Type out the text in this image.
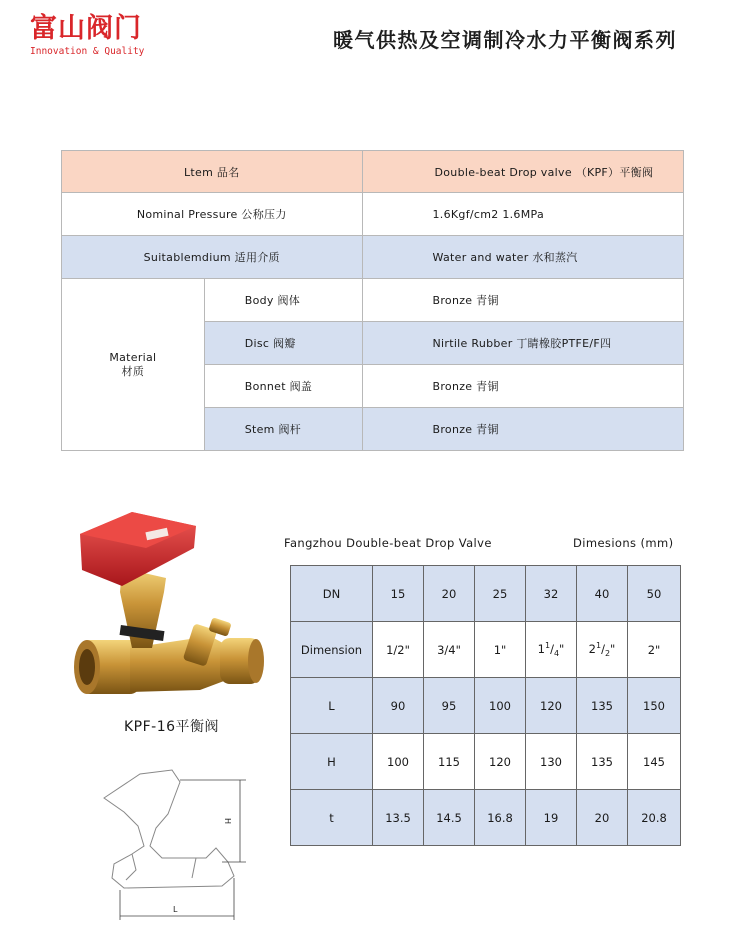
富山阀门
Innovation & Quality	暖气供热及空调制冷水力平衡阀系列
Ltem 品名		Double-beat Drop valve （KPF）平衡阀
Nominal Pressure 公称压力		1.6Kgf/cm2 1.6MPa
Suitablemdium 适用介质		Water and water 水和蒸汽

Material
材质	Body 阀体	Bronze 青铜
	Disc 阀瓣	Nirtile Rubber 丁睛橡胶PTFE/F四
	Bonnet 阀盖	Bronze 青铜
	Stem 阀杆	Bronze 青铜
KPF-16平衡阀
H
L
Fangzhou Double-beat Drop Valve	Dimesions (mm)
DN	15	20	25	32	40	50
Dimension	1/2"	3/4"	1"	$1^1/_4$"	$2^1/_2$"	2"
L	90	95	100	120	135	150
H	100	115	120	130	135	145
t	13.5	14.5	16.8	19	20	20.8
